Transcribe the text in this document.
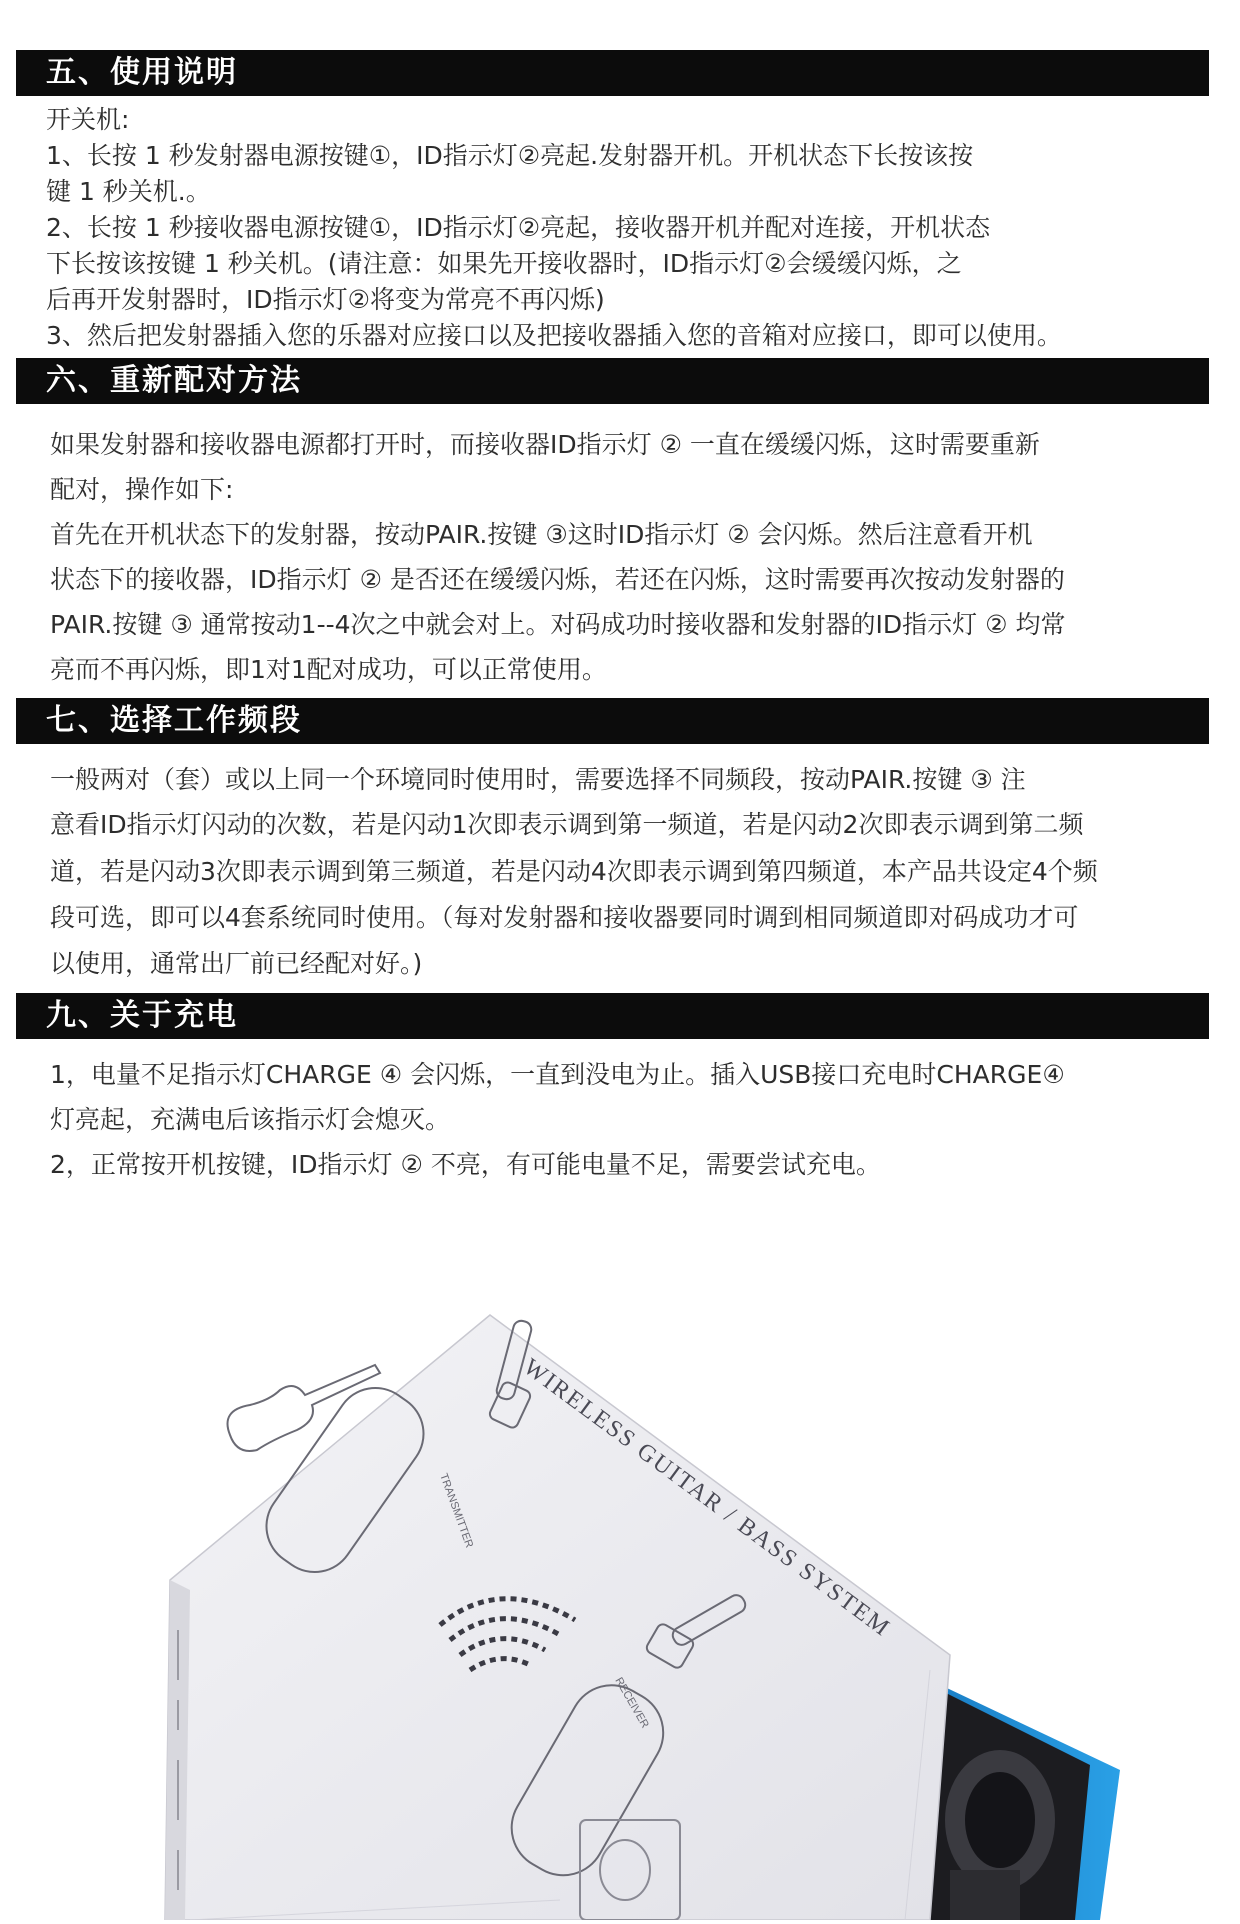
五、使用说明
开关机:
1、长按 1 秒发射器电源按键①，ID指示灯②亮起.发射器开机。开机状态下长按该按
键 1 秒关机.。
2、长按 1 秒接收器电源按键①，ID指示灯②亮起，接收器开机并配对连接，开机状态
下长按该按键 1 秒关机。(请注意：如果先开接收器时，ID指示灯②会缓缓闪烁，之
后再开发射器时，ID指示灯②将变为常亮不再闪烁)
3、然后把发射器插入您的乐器对应接口以及把接收器插入您的音箱对应接口，即可以使用。
六、重新配对方法
如果发射器和接收器电源都打开时，而接收器ID指示灯 ② 一直在缓缓闪烁，这时需要重新
配对，操作如下:
首先在开机状态下的发射器，按动PAIR.按键 ③这时ID指示灯 ② 会闪烁。然后注意看开机
状态下的接收器，ID指示灯 ② 是否还在缓缓闪烁，若还在闪烁，这时需要再次按动发射器的
PAIR.按键 ③ 通常按动1--4次之中就会对上。对码成功时接收器和发射器的ID指示灯 ② 均常
亮而不再闪烁，即1对1配对成功，可以正常使用。
七、选择工作频段
一般两对（套）或以上同一个环境同时使用时，需要选择不同频段，按动PAIR.按键 ③ 注
意看ID指示灯闪动的次数，若是闪动1次即表示调到第一频道，若是闪动2次即表示调到第二频
道，若是闪动3次即表示调到第三频道，若是闪动4次即表示调到第四频道，本产品共设定4个频
段可选，即可以4套系统同时使用。（每对发射器和接收器要同时调到相同频道即对码成功才可
以使用，通常出厂前已经配对好。)
九、关于充电
1，电量不足指示灯CHARGE ④ 会闪烁，一直到没电为止。插入USB接口充电时CHARGE④
灯亮起，充满电后该指示灯会熄灭。
2，正常按开机按键，ID指示灯 ② 不亮，有可能电量不足，需要尝试充电。
WIRELESS GUITAR / BASS SYSTEM
TRANSMITTER
RECEIVER
